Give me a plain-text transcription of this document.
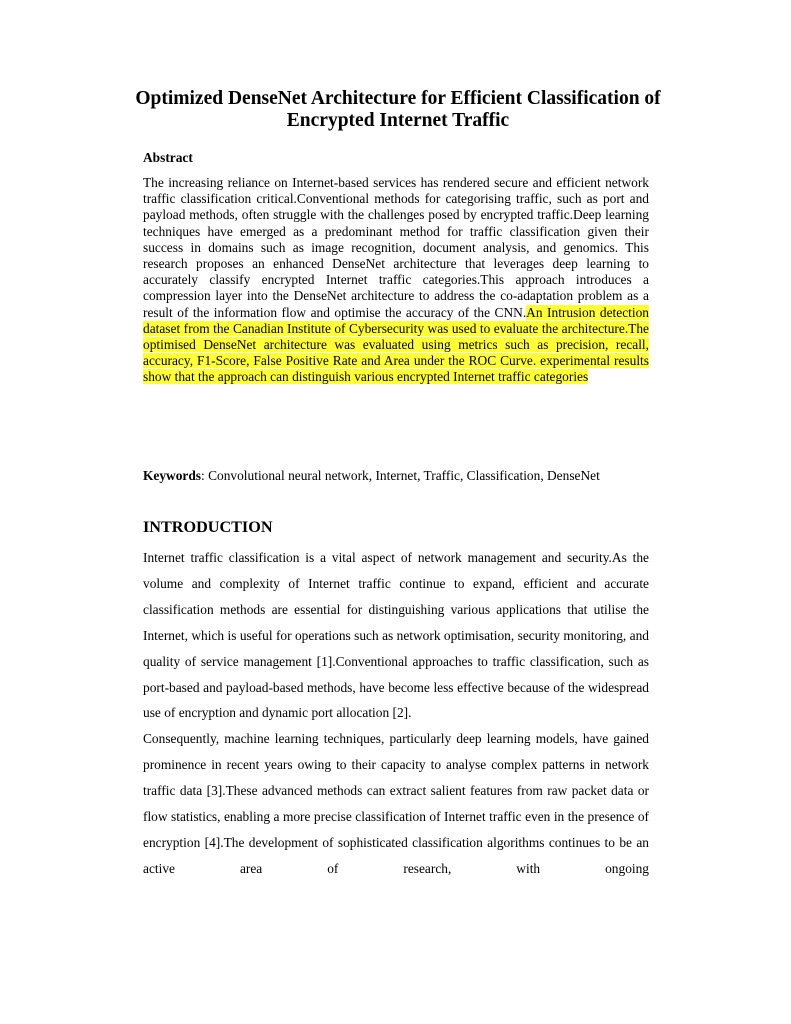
Optimized DenseNet Architecture for Efficient Classification of Encrypted Internet Traffic
Abstract

The increasing reliance on Internet-based services has rendered secure and efficient network traffic classification critical.Conventional methods for categorising traffic, such as port and payload methods, often struggle with the challenges posed by encrypted traffic.Deep learning techniques have emerged as a predominant method for traffic classification given their success in domains such as image recognition, document analysis, and genomics. This research proposes an enhanced DenseNet architecture that leverages deep learning to accurately classify encrypted Internet traffic categories.This approach introduces a compression layer into the DenseNet architecture to address the co-adaptation problem as a result of the information flow and optimise the accuracy of the CNN.An Intrusion detection dataset from the Canadian Institute of Cybersecurity was used to evaluate the architecture.The optimised DenseNet architecture was evaluated using metrics such as precision, recall, accuracy, F1-Score, False Positive Rate and Area under the ROC Curve. experimental results show that the approach can distinguish various encrypted Internet traffic categories

Keywords: Convolutional neural network, Internet, Traffic, Classification, DenseNet

INTRODUCTION

Internet traffic classification is a vital aspect of network management and security.As the volume and complexity of Internet traffic continue to expand, efficient and accurate classification methods are essential for distinguishing various applications that utilise the Internet, which is useful for operations such as network optimisation, security monitoring, and quality of service management [1].Conventional approaches to traffic classification, such as port-based and payload-based methods, have become less effective because of the widespread use of encryption and dynamic port allocation [2].

Consequently, machine learning techniques, particularly deep learning models, have gained prominence in recent years owing to their capacity to analyse complex patterns in network traffic data [3].These advanced methods can extract salient features from raw packet data or flow statistics, enabling a more precise classification of Internet traffic even in the presence of encryption [4].The development of sophisticated classification algorithms continues to be an active area of research, with ongoing
